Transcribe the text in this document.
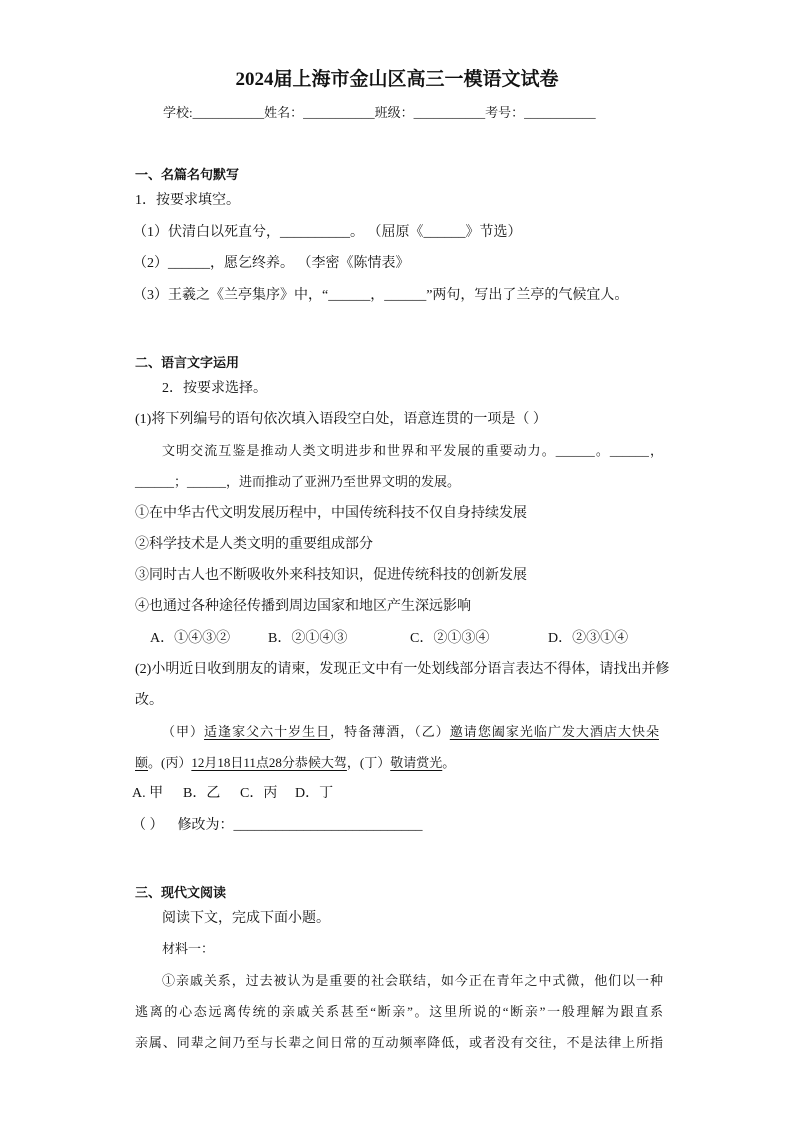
2024届上海市金山区高三一模语文试卷
学校:___________姓名：___________班级：___________考号：___________
一、名篇名句默写
1．按要求填空。
（1）伏清白以死直兮，__________。 （屈原《______》节选）
（2）______，愿乞终养。 （李密《陈情表》
（3）王羲之《兰亭集序》中，“______，______”两句，写出了兰亭的气候宜人。
二、语言文字运用
2．按要求选择。
(1)将下列编号的语句依次填入语段空白处，语意连贯的一项是（ ）
文明交流互鉴是推动人类文明进步和世界和平发展的重要动力。______。______，
______；______，进而推动了亚洲乃至世界文明的发展。
①在中华古代文明发展历程中，中国传统科技不仅自身持续发展
②科学技术是人类文明的重要组成部分
③同时古人也不断吸收外来科技知识，促进传统科技的创新发展
④也通过各种途径传播到周边国家和地区产生深远影响
A．①④③②	B．②①④③	C．②①③④	D．②③①④
(2)小明近日收到朋友的请柬，发现正文中有一处划线部分语言表达不得体，请找出并修
改。
（甲）适逢家父六十岁生日，特备薄酒，（乙）邀请您阖家光临广发大酒店大快朵
颐。(丙）12月18日11点28分恭候大驾，(丁）敬请赏光。
A. 甲 B．乙 C．丙 D．丁
（ ） 修改为：___________________________
三、现代文阅读
阅读下文，完成下面小题。
材料一：
①亲戚关系，过去被认为是重要的社会联结，如今正在青年之中式微，他们以一种
逃离的心态远离传统的亲戚关系甚至“断亲”。这里所说的“断亲”一般理解为跟直系
亲属、同辈之间乃至与长辈之间日常的互动频率降低，或者没有交往，不是法律上所指
